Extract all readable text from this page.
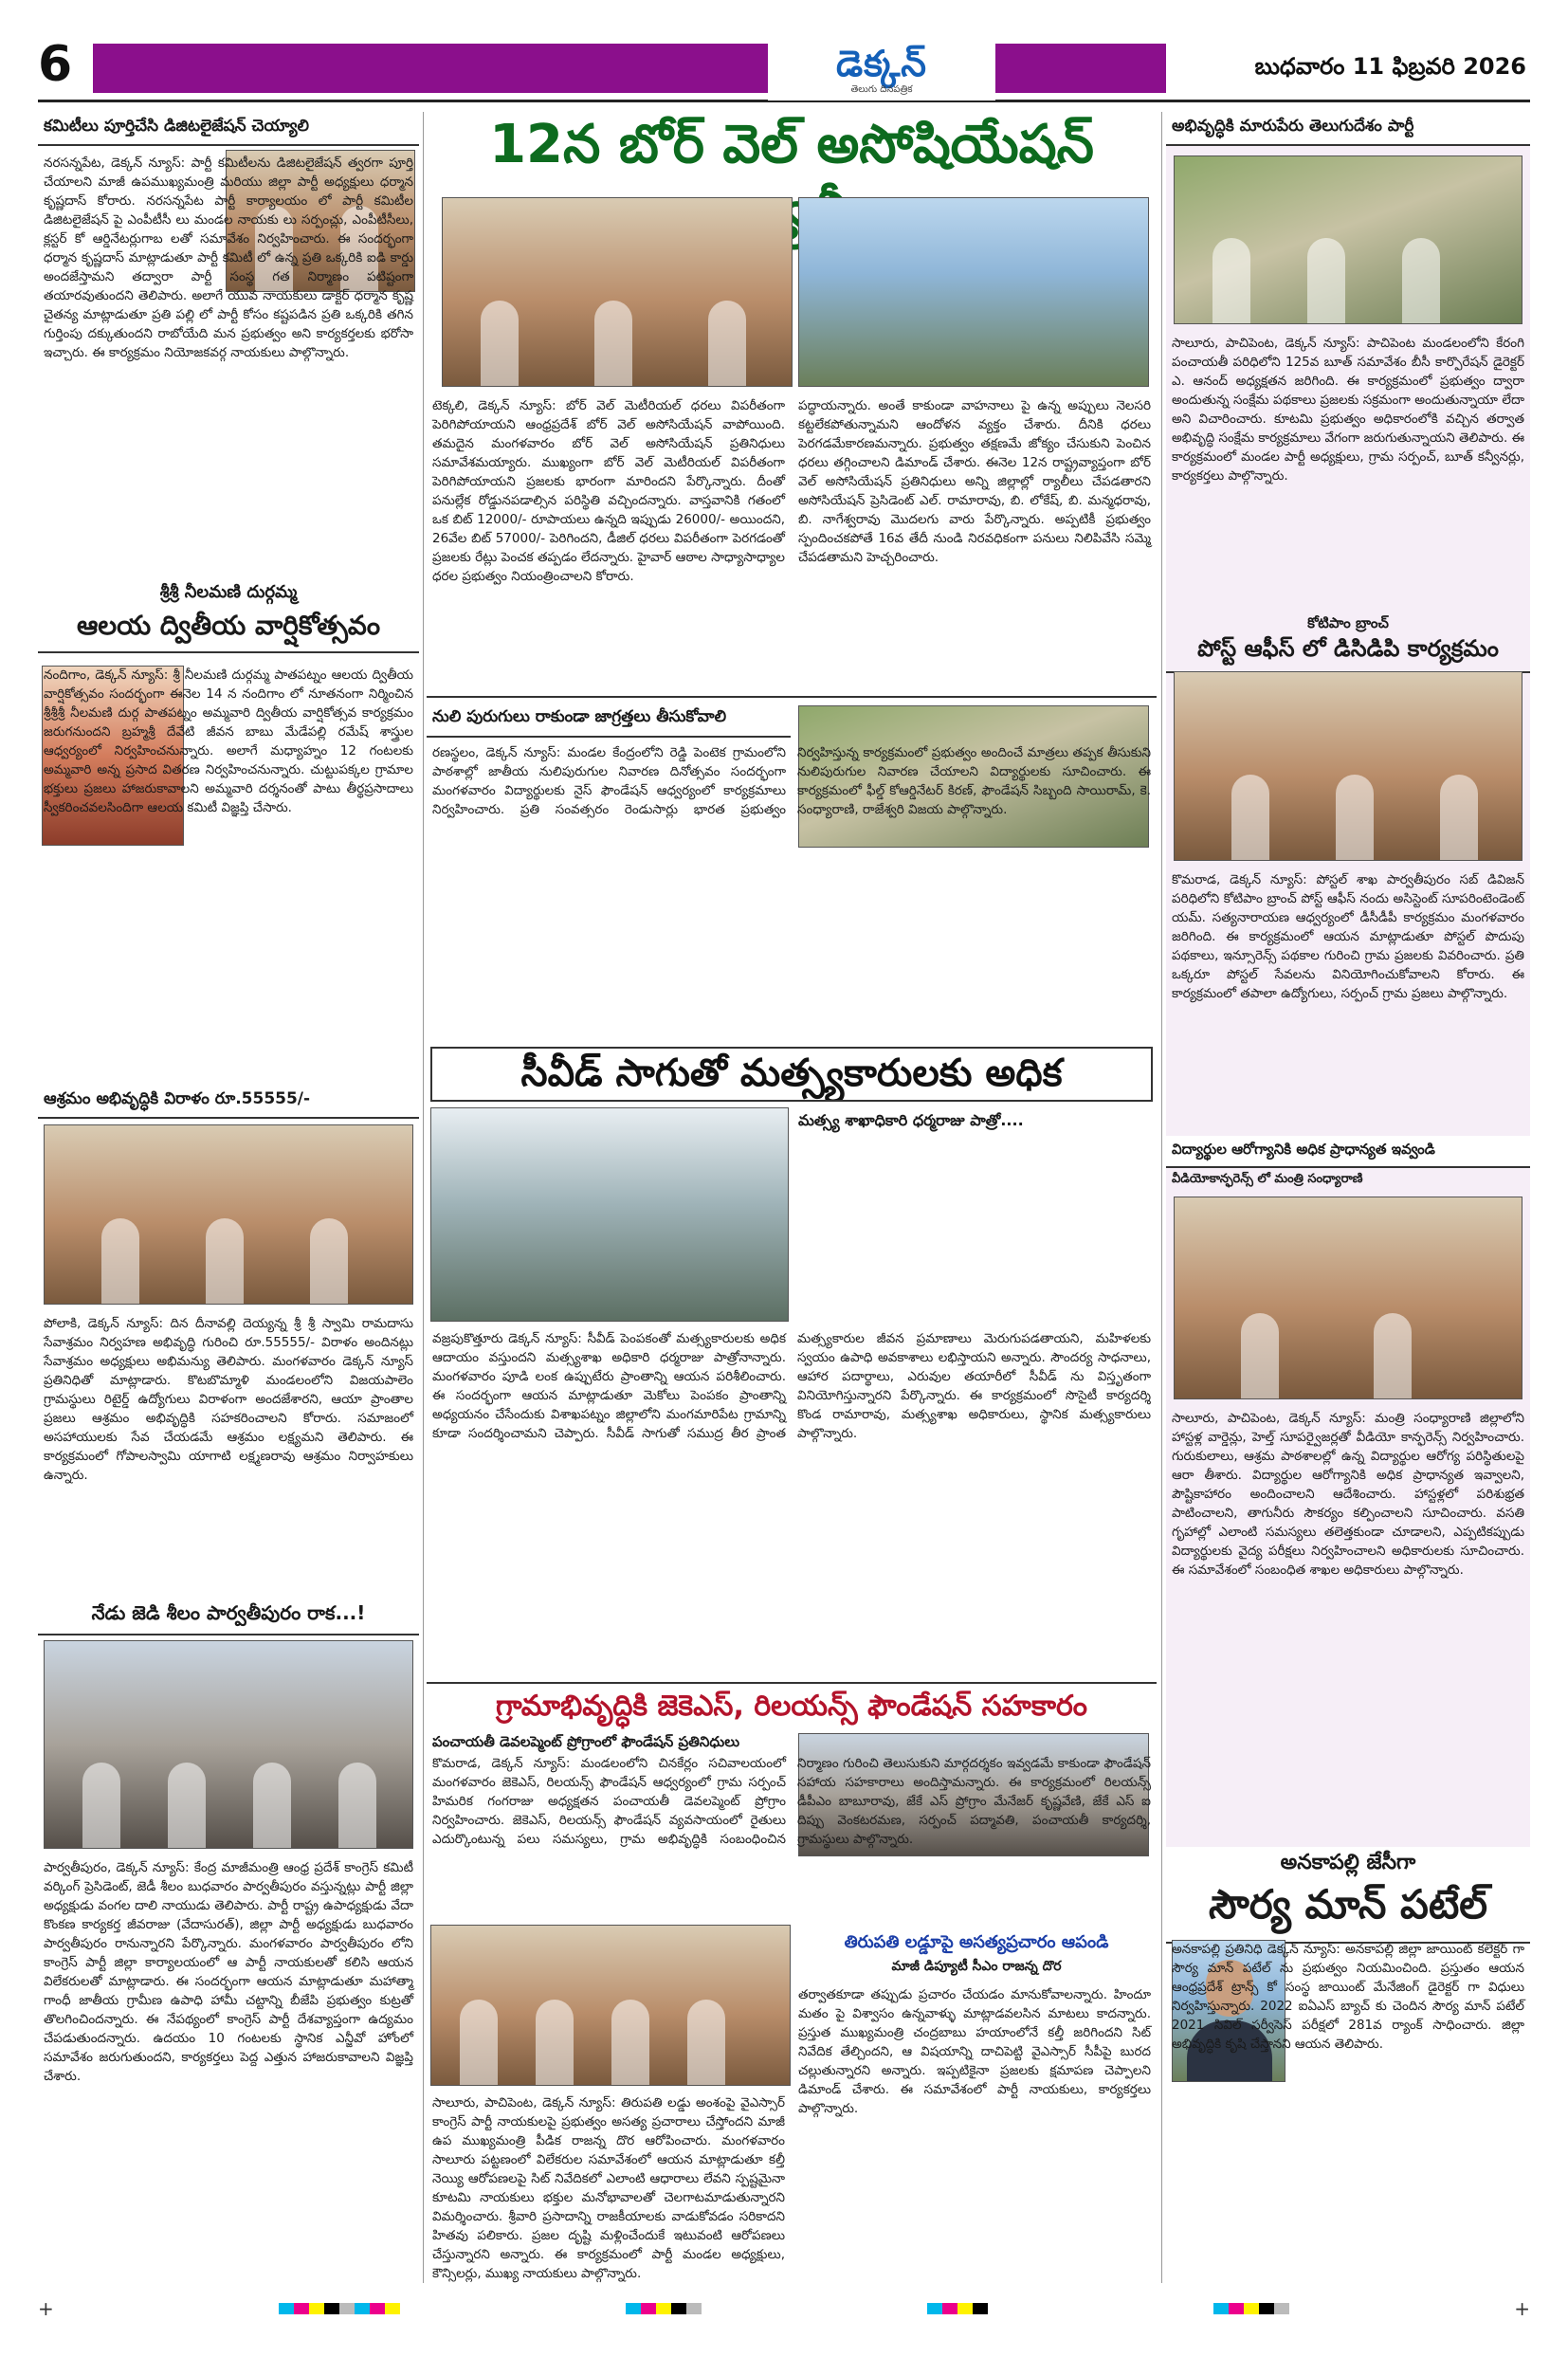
6	డెక్కన్
తెలుగు దినపత్రిక
బుధవారం 11 ఫిబ్రవరి 2026
కమిటీలు పూర్తిచేసి డిజిటలైజేషన్ చెయ్యాలి
నరసన్నపేట, డెక్కన్ న్యూస్: పార్టీ కమిటీలను డిజిటలైజేషన్ త్వరగా పూర్తి చేయాలని మాజీ ఉపముఖ్యమంత్రి మరియు జిల్లా పార్టీ అధ్యక్షులు ధర్మాన కృష్ణదాస్ కోరారు. నరసన్నపేట పార్టీ కార్యాలయం లో పార్టీ కమిటీల డిజిటలైజేషన్ పై ఎంపీటీసీ లు మండల నాయకు లు సర్పంచ్లు, ఎంపీటీసీలు, క్లస్టర్ కో ఆర్డినేటర్లుగాబ లతో సమావేశం నిర్వహించారు. ఈ సందర్భంగా ధర్మాన కృష్ణదాస్ మాట్లాడుతూ పార్టీ కమిటీ లో ఉన్న ప్రతి ఒక్కరికి ఐడి కార్డు అందజేస్తామని తద్వారా పార్టీ సంస్థ గత నిర్మాణం పటిష్టంగా తయారవుతుందని తెలిపారు. అలాగే యువ నాయకులు డాక్టర్ ధర్మాన కృష్ణ చైతన్య మాట్లాడుతూ ప్రతి పల్లి లో పార్టీ కోసం కష్టపడిన ప్రతి ఒక్కరికి తగిన గుర్తింపు దక్కుతుందని రాబోయేది మన ప్రభుత్వం అని కార్యకర్తలకు భరోసా ఇచ్చారు. ఈ కార్యక్రమం నియోజకవర్గ నాయకులు పాల్గొన్నారు.
శ్రీశ్రీ నీలమణి దుర్గమ్మ
ఆలయ ద్వితీయ వార్షికోత్సవం
నందిగాం, డెక్కన్ న్యూస్: శ్రీ నీలమణి దుర్గమ్మ పాతపట్నం ఆలయ ద్వితీయ వార్షికోత్సవం సందర్భంగా ఈనెల 14 న నందిగాం లో నూతనంగా నిర్మించిన శ్రీశ్రీశ్రీ నీలమణి దుర్గ పాతపట్నం అమ్మవారి ద్వితీయ వార్షికోత్సవ కార్యక్రమం జరుగనుందని బ్రహ్మశ్రీ దేవేటి జీవన బాబు మేడేపల్లి రమేష్ శాస్త్రుల ఆధ్వర్యంలో నిర్వహించనున్నారు. అలాగే మధ్యాహ్నం 12 గంటలకు అమ్మవారి అన్న ప్రసాద వితరణ నిర్వహించనున్నారు. చుట్టుపక్కల గ్రామాల భక్తులు ప్రజలు హాజరుకావాలని అమ్మవారి దర్శనంతో పాటు తీర్థప్రసాదాలు స్వీకరించవలసిందిగా ఆలయ కమిటీ విజ్ఞప్తి చేసారు.
ఆశ్రమం అభివృద్ధికి విరాళం రూ.55555/-
పోలాకి, డెక్కన్ న్యూస్: దిన దీనావల్లి దెయ్యన్న శ్రీ శ్రీ స్వామి రామదాసు సేవాశ్రమం నిర్వహణ అభివృద్ధి గురించి రూ.55555/- విరాళం అందినట్లు సేవాశ్రమం అధ్యక్షులు అభిమన్యు తెలిపారు. మంగళవారం డెక్కన్ న్యూస్ ప్రతినిధితో మాట్లాడారు. కొటబొమ్మాళి మండలంలోని విజయపాలెం గ్రామస్థులు రిటైర్డ్ ఉద్యోగులు విరాళంగా అందజేశారని, ఆయా ప్రాంతాల ప్రజలు ఆశ్రమం అభివృద్ధికి సహకరించాలని కోరారు. సమాజంలో అసహాయులకు సేవ చేయడమే ఆశ్రమం లక్ష్యమని తెలిపారు. ఈ కార్యక్రమంలో గోపాలస్వామి యాగాటి లక్ష్మణరావు ఆశ్రమం నిర్వాహకులు ఉన్నారు.
నేడు జెడి శీలం పార్వతీపురం రాక...!
పార్వతీపురం, డెక్కన్ న్యూస్: కేంద్ర మాజీమంత్రి ఆంధ్ర ప్రదేశ్ కాంగ్రెస్ కమిటీ వర్కింగ్ ప్రెసిడెంట్, జెడీ శీలం బుధవారం పార్వతీపురం వస్తున్నట్లు పార్టీ జిల్లా అధ్యక్షుడు వంగల దాలి నాయుడు తెలిపారు. పార్టీ రాష్ట్ర ఉపాధ్యక్షుడు వేదా కొంకణ కార్యకర్త జీవరాజు (వేదాసురత్), జిల్లా పార్టీ అధ్యక్షుడు బుధవారం పార్వతీపురం రానున్నారని పేర్కొన్నారు. మంగళవారం పార్వతీపురం లోని కాంగ్రెస్ పార్టీ జిల్లా కార్యాలయంలో ఆ పార్టీ నాయకులతో కలిసి ఆయన విలేకరులతో మాట్లాడారు. ఈ సందర్భంగా ఆయన మాట్లాడుతూ మహాత్మా గాంధీ జాతీయ గ్రామీణ ఉపాధి హామీ చట్టాన్ని బీజేపి ప్రభుత్వం కుట్రతో తొలగించిందన్నారు. ఈ నేపథ్యంలో కాంగ్రెస్ పార్టీ దేశవ్యాప్తంగా ఉద్యమం చేపడుతుందన్నారు. ఉదయం 10 గంటలకు స్థానిక ఎన్జీవో హోంలో సమావేశం జరుగుతుందని, కార్యకర్తలు పెద్ద ఎత్తున హాజరుకావాలని విజ్ఞప్తి చేశారు.
12న బోర్ వెల్ అసోషియేషన్
టెక్కలి, డెక్కన్ న్యూస్: బోర్ వెల్ మెటీరియల్ ధరలు విపరీతంగా పెరిగిపోయాయని ఆంధ్రప్రదేశ్ బోర్ వెల్ అసోసియేషన్ వాపోయింది. తమదైన మంగళవారం బోర్ వెల్ అసోసియేషన్ ప్రతినిధులు సమావేశమయ్యారు. ముఖ్యంగా బోర్ వెల్ మెటీరియల్ విపరీతంగా పెరిగిపోయాయని ప్రజలకు భారంగా మారిందని పేర్కొన్నారు. దీంతో పనుల్లేక రోడ్డునపడాల్సిన పరిస్థితి వచ్చిందన్నారు. వాస్తవానికి గతంలో ఒక బిట్ 12000/- రూపాయలు ఉన్నది ఇప్పుడు 26000/- అయిందని, 26వేల బిట్ 57000/- పెరిగిందని, డీజిల్ ధరలు విపరీతంగా పెరగడంతో ప్రజలకు రేట్లు పెంచక తప్పడం లేదన్నారు. హైవార్ ఆఠాల సాధ్యాసాధ్యాల ధరల ప్రభుత్వం నియంత్రించాలని కోరారు.
పద్ధాయన్నారు. అంతే కాకుండా వాహనాలు పై ఉన్న అప్పులు నెలసరి కట్టలేకపోతున్నామని ఆందోళన వ్యక్తం చేశారు. దీనికి ధరలు పెరగడమేకారణమన్నారు. ప్రభుత్వం తక్షణమే జోక్యం చేసుకుని పెంచిన ధరలు తగ్గించాలని డిమాండ్ చేశారు. ఈనెల 12న రాష్ట్రవ్యాప్తంగా బోర్ వెల్ అసోసియేషన్ ప్రతినిధులు అన్ని జిల్లాల్లో ర్యాలీలు చేపడతారని అసోసియేషన్ ప్రెసిడెంట్ ఎల్. రామారావు, బి. లోకేష్, బి. మన్మధరావు, బి. నాగేశ్వరావు మొదలగు వారు పేర్కొన్నారు. అప్పటికీ ప్రభుత్వం స్పందించకపోతే 16వ తేదీ నుండి నిరవధికంగా పనులు నిలిపివేసి సమ్మె చేపడతామని హెచ్చరించారు.
నులి పురుగులు రాకుండా జాగ్రత్తలు తీసుకోవాలి
రణస్థలం, డెక్కన్ న్యూస్: మండల కేంద్రంలోని రెడ్డి పెంటెక గ్రామంలోని పాఠశాల్లో జాతీయ నులిపురుగుల నివారణ దినోత్సవం సందర్భంగా మంగళవారం విద్యార్థులకు నైస్ ఫౌండేషన్ ఆధ్వర్యంలో కార్యక్రమాలు నిర్వహించారు. ప్రతి సంవత్సరం రెండుసార్లు భారత ప్రభుత్వం నిర్వహిస్తున్న కార్యక్రమంలో ప్రభుత్వం అందించే మాత్రలు తప్పక తీసుకుని నులిపురుగుల నివారణ చేయాలని విద్యార్థులకు సూచించారు. ఈ కార్యక్రమంలో ఫీల్డ్ కోఆర్డినేటర్ కిరణ్, ఫౌండేషన్ సిబ్బంది సాయిరామ్, కె. సంధ్యారాణి, రాజేశ్వరి విజయ పాల్గొన్నారు.
సీవీడ్ సాగుతో మత్స్యకారులకు అధిక
మత్స్య శాఖాధికారి ధర్మరాజు పాత్రో....
వజ్రపుకొత్తూరు డెక్కన్ న్యూస్: సీవీడ్ పెంపకంతో మత్స్యకారులకు అధిక ఆదాయం వస్తుందని మత్స్యశాఖ అధికారి ధర్మరాజు పాత్రోనాన్నారు. మంగళవారం పూడి లంక ఉప్పుటేరు ప్రాంతాన్ని ఆయన పరిశీలించారు. ఈ సందర్భంగా ఆయన మాట్లాడుతూ మెకోలు పెంపకం ప్రాంతాన్ని అధ్యయనం చేసేందుకు విశాఖపట్నం జిల్లాలోని మంగమారిపేట గ్రామాన్ని కూడా సందర్శించామని చెప్పారు. సీవీడ్ సాగుతో సముద్ర తీర ప్రాంత మత్స్యకారుల జీవన ప్రమాణాలు మెరుగుపడతాయని, మహిళలకు స్వయం ఉపాధి అవకాశాలు లభిస్తాయని అన్నారు. సౌందర్య సాధనాలు, ఆహార పదార్థాలు, ఎరువుల తయారీలో సీవీడ్ ను విస్తృతంగా వినియోగిస్తున్నారని పేర్కొన్నారు. ఈ కార్యక్రమంలో సొసైటీ కార్యదర్శి కొండ రామారావు, మత్స్యశాఖ అధికారులు, స్థానిక మత్స్యకారులు పాల్గొన్నారు.
గ్రామాభివృద్ధికి జెకెఎస్, రిలయన్స్ ఫౌండేషన్ సహకారం
పంచాయతీ డెవలప్మెంట్ ప్రోగ్రాంలో ఫౌండేషన్ ప్రతినిధులు
కొమరాడ, డెక్కన్ న్యూస్: మండలంలోని చినకేర్లం సచివాలయంలో మంగళవారం జెకెఎస్, రిలయన్స్ ఫౌండేషన్ ఆధ్వర్యంలో గ్రామ సర్పంచ్ హిమరిక గంగరాజు అధ్యక్షతన పంచాయతీ డెవలప్మెంట్ ప్రోగ్రాం నిర్వహించారు. జెకెఎస్, రిలయన్స్ ఫౌండేషన్ వ్యవసాయంలో రైతులు ఎదుర్కొంటున్న పలు సమస్యలు, గ్రామ అభివృద్ధికి సంబంధించిన నిర్మాణం గురించి తెలుసుకుని మార్గదర్శకం ఇవ్వడమే కాకుండా ఫౌండేషన్ సహాయ సహకారాలు అందిస్తామన్నారు. ఈ కార్యక్రమంలో రిలయన్స్ డీపీఎం బాబూరావు, జేకే ఎస్ ప్రోగ్రాం మేనేజర్ కృష్ణవేణి, జేకే ఎస్ ఐ దిప్పు వెంకటరమణ, సర్పంచ్ పద్మావతి, పంచాయతీ కార్యదర్శి, గ్రామస్థులు పాల్గొన్నారు.
తిరుపతి లడ్డూపై అసత్యప్రచారం ఆపండి
మాజీ డిప్యూటీ సీఎం రాజన్న దొర
సాలూరు, పాచిపెంట, డెక్కన్ న్యూస్: తిరుపతి లడ్డు అంశంపై వైఎస్సార్ కాంగ్రెస్ పార్టీ నాయకులపై ప్రభుత్వం అసత్య ప్రచారాలు చేస్తోందని మాజీ ఉప ముఖ్యమంత్రి పీడిక రాజన్న దొర ఆరోపించారు. మంగళవారం సాలూరు పట్టణంలో విలేకరుల సమావేశంలో ఆయన మాట్లాడుతూ కల్తీ నెయ్యి ఆరోపణలపై సిట్ నివేదికలో ఎలాంటి ఆధారాలు లేవని స్పష్టమైనా కూటమి నాయకులు భక్తుల మనోభావాలతో చెలగాటమాడుతున్నారని విమర్శించారు. శ్రీవారి ప్రసాదాన్ని రాజకీయాలకు వాడుకోవడం సరికాదని హితవు పలికారు. ప్రజల దృష్టి మళ్లించేందుకే ఇటువంటి ఆరోపణలు చేస్తున్నారని అన్నారు. ఈ కార్యక్రమంలో పార్టీ మండల అధ్యక్షులు, కౌన్సిలర్లు, ముఖ్య నాయకులు పాల్గొన్నారు.
తర్వాతకూడా తప్పుడు ప్రచారం చేయడం మానుకోవాలన్నారు. హిందూ మతం పై విశ్వాసం ఉన్నవాళ్ళు మాట్లాడవలసిన మాటలు కాదన్నారు. ప్రస్తుత ముఖ్యమంత్రి చంద్రబాబు హయాంలోనే కల్తీ జరిగిందని సిట్ నివేదిక తేల్చిందని, ఆ విషయాన్ని దాచిపెట్టి వైఎస్సార్ సీపీపై బురద చల్లుతున్నారని అన్నారు. ఇప్పటికైనా ప్రజలకు క్షమాపణ చెప్పాలని డిమాండ్ చేశారు. ఈ సమావేశంలో పార్టీ నాయకులు, కార్యకర్తలు పాల్గొన్నారు.
అభివృద్ధికి మారుపేరు తెలుగుదేశం పార్టీ
సాలూరు, పాచిపెంట, డెక్కన్ న్యూస్: పాచిపెంట మండలంలోని కేరంగి పంచాయతీ పరిధిలోని 125వ బూత్ సమావేశం బీసీ కార్పొరేషన్ డైరెక్టర్ ఎ. ఆనంద్ అధ్యక్షతన జరిగింది. ఈ కార్యక్రమంలో ప్రభుత్వం ద్వారా అందుతున్న సంక్షేమ పథకాలు ప్రజలకు సక్రమంగా అందుతున్నాయా లేదా అని విచారించారు. కూటమి ప్రభుత్వం అధికారంలోకి వచ్చిన తర్వాత అభివృద్ధి సంక్షేమ కార్యక్రమాలు వేగంగా జరుగుతున్నాయని తెలిపారు. ఈ కార్యక్రమంలో మండల పార్టీ అధ్యక్షులు, గ్రామ సర్పంచ్, బూత్ కన్వీనర్లు, కార్యకర్తలు పాల్గొన్నారు.
కోటిపాం బ్రాంచ్
పోస్ట్ ఆఫీస్ లో డిసిడిపి కార్యక్రమం
కొమరాడ, డెక్కన్ న్యూస్: పోస్టల్ శాఖ పార్వతీపురం సబ్ డివిజన్ పరిధిలోని కోటిపాం బ్రాంచ్ పోస్ట్ ఆఫీస్ నందు అసిస్టెంట్ సూపరింటెండెంట్ యమ్. సత్యనారాయణ ఆధ్వర్యంలో డీసీడీపీ కార్యక్రమం మంగళవారం జరిగింది. ఈ కార్యక్రమంలో ఆయన మాట్లాడుతూ పోస్టల్ పొదుపు పథకాలు, ఇన్సూరెన్స్ పథకాల గురించి గ్రామ ప్రజలకు వివరించారు. ప్రతి ఒక్కరూ పోస్టల్ సేవలను వినియోగించుకోవాలని కోరారు. ఈ కార్యక్రమంలో తపాలా ఉద్యోగులు, సర్పంచ్ గ్రామ ప్రజలు పాల్గొన్నారు.
విద్యార్థుల ఆరోగ్యానికి అధిక ప్రాధాన్యత ఇవ్వండి
వీడియోకాన్ఫరెన్స్ లో మంత్రి సంధ్యారాణి
సాలూరు, పాచిపెంట, డెక్కన్ న్యూస్: మంత్రి సంధ్యారాణి జిల్లాలోని హాస్టళ్ల వార్డెన్లు, హెల్త్ సూపర్వైజర్లతో వీడియో కాన్ఫరెన్స్ నిర్వహించారు. గురుకులాలు, ఆశ్రమ పాఠశాలల్లో ఉన్న విద్యార్థుల ఆరోగ్య పరిస్థితులపై ఆరా తీశారు. విద్యార్థుల ఆరోగ్యానికి అధిక ప్రాధాన్యత ఇవ్వాలని, పౌష్టికాహారం అందించాలని ఆదేశించారు. హాస్టళ్లలో పరిశుభ్రత పాటించాలని, తాగునీరు సౌకర్యం కల్పించాలని సూచించారు. వసతి గృహాల్లో ఎలాంటి సమస్యలు తలెత్తకుండా చూడాలని, ఎప్పటికప్పుడు విద్యార్థులకు వైద్య పరీక్షలు నిర్వహించాలని అధికారులకు సూచించారు. ఈ సమావేశంలో సంబంధిత శాఖల అధికారులు పాల్గొన్నారు.
అనకాపల్లి జేసీగా
సౌర్య మాన్ పటేల్
అనకాపల్లి ప్రతినిధి డెక్కన్ న్యూస్: అనకాపల్లి జిల్లా జాయింట్ కలెక్టర్ గా సౌర్య మాన్ పటేల్ ను ప్రభుత్వం నియమించింది. ప్రస్తుతం ఆయన ఆంధ్రప్రదేశ్ ట్రాన్స్ కో సంస్థ జాయింట్ మేనేజింగ్ డైరెక్టర్ గా విధులు నిర్వహిస్తున్నారు. 2022 ఐఏఎస్ బ్యాచ్ కు చెందిన సౌర్య మాన్ పటేల్ 2021 సివిల్ సర్వీసెస్ పరీక్షలో 281వ ర్యాంక్ సాధించారు. జిల్లా అభివృద్ధికి కృషి చేస్తానని ఆయన తెలిపారు.
+	+
